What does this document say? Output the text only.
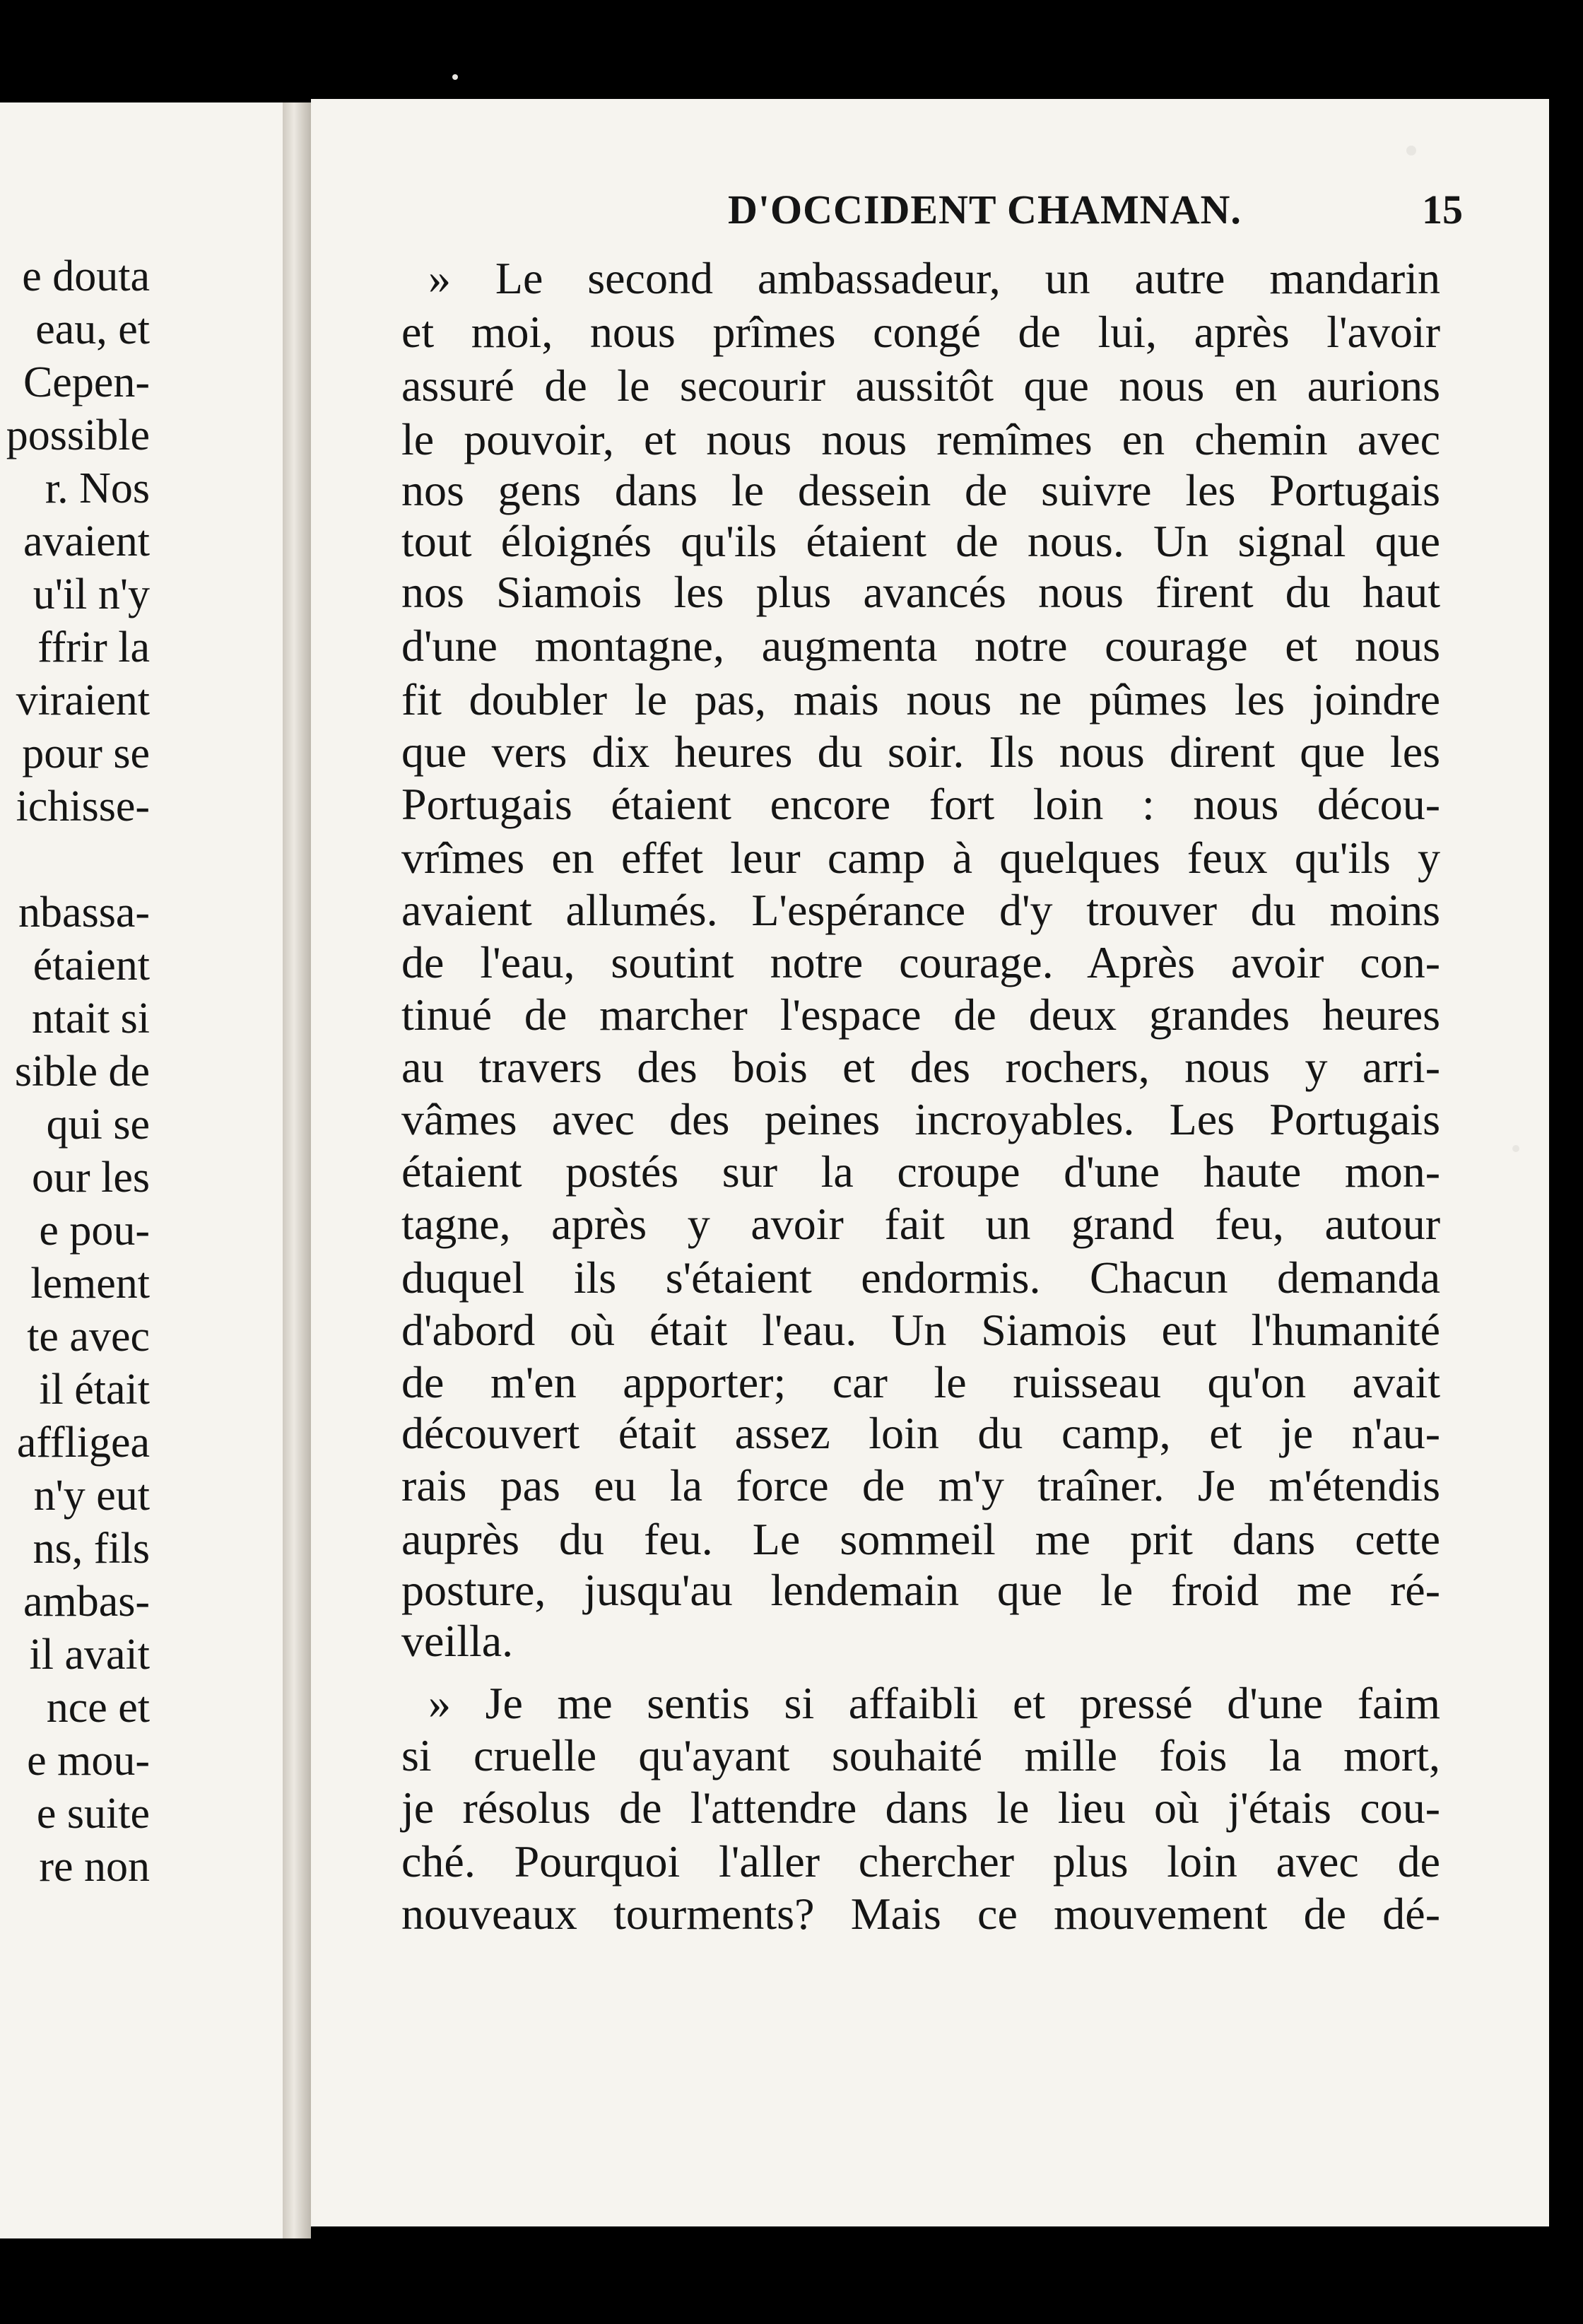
e douta
eau, et
Cepen-
possible
r. Nos
avaient
u'il n'y
ffrir la
viraient
pour se
ichisse-
nbassa-
étaient
ntait si
sible de
qui se
our les
e pou-
lement
te avec
il était
affligea
n'y eut
ns, fils
ambas-
il avait
nce et
e mou-
e suite
re non
D'OCCIDENT CHAMNAN.	15
» Le second ambassadeur, un autre mandarin
et moi, nous prîmes congé de lui, après l'avoir
assuré de le secourir aussitôt que nous en aurions
le pouvoir, et nous nous remîmes en chemin avec
nos gens dans le dessein de suivre les Portugais
tout éloignés qu'ils étaient de nous. Un signal que
nos Siamois les plus avancés nous firent du haut
d'une montagne, augmenta notre courage et nous
fit doubler le pas, mais nous ne pûmes les joindre
que vers dix heures du soir. Ils nous dirent que les
Portugais étaient encore fort loin : nous décou-
vrîmes en effet leur camp à quelques feux qu'ils y
avaient allumés. L'espérance d'y trouver du moins
de l'eau, soutint notre courage. Après avoir con-
tinué de marcher l'espace de deux grandes heures
au travers des bois et des rochers, nous y arri-
vâmes avec des peines incroyables. Les Portugais
étaient postés sur la croupe d'une haute mon-
tagne, après y avoir fait un grand feu, autour
duquel ils s'étaient endormis. Chacun demanda
d'abord où était l'eau. Un Siamois eut l'humanité
de m'en apporter; car le ruisseau qu'on avait
découvert était assez loin du camp, et je n'au-
rais pas eu la force de m'y traîner. Je m'étendis
auprès du feu. Le sommeil me prit dans cette
posture, jusqu'au lendemain que le froid me ré-
veilla.
» Je me sentis si affaibli et pressé d'une faim
si cruelle qu'ayant souhaité mille fois la mort,
je résolus de l'attendre dans le lieu où j'étais cou-
ché. Pourquoi l'aller chercher plus loin avec de
nouveaux tourments? Mais ce mouvement de dé-
